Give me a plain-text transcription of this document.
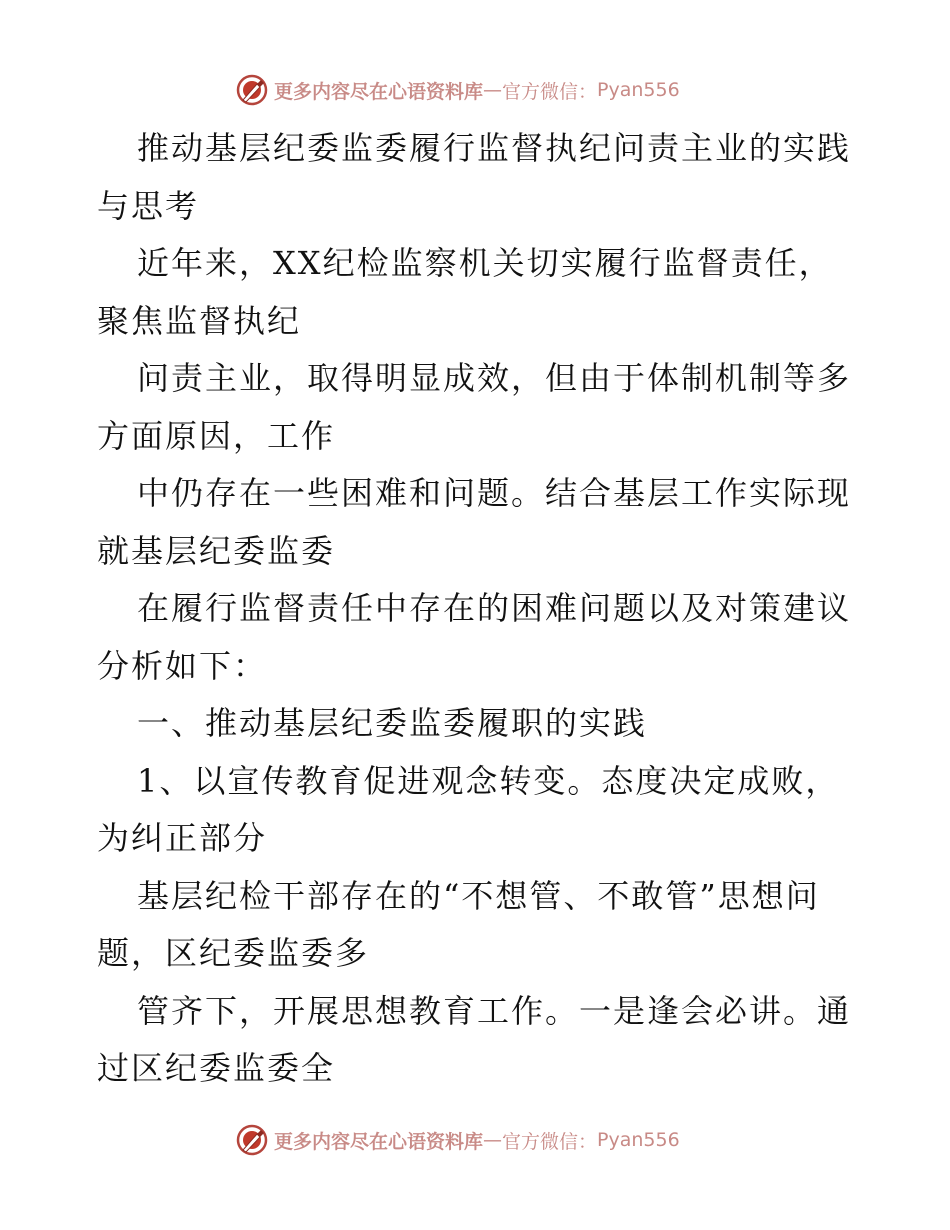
更多内容尽在心语资料库 — 官方微信： Pyan556

推动基层纪委监委履行监督执纪问责主业的实践
与思考

近年来，XX纪检监察机关切实履行监督责任，
聚焦监督执纪

问责主业，取得明显成效，但由于体制机制等多
方面原因，工作

中仍存在一些困难和问题。结合基层工作实际现
就基层纪委监委

在履行监督责任中存在的困难问题以及对策建议
分析如下：

一、推动基层纪委监委履职的实践

1、以宣传教育促进观念转变。态度决定成败，
为纠正部分

基层纪检干部存在的“不想管、不敢管”思想问
题，区纪委监委多

管齐下，开展思想教育工作。一是逢会必讲。通
过区纪委监委全

更多内容尽在心语资料库 — 官方微信： Pyan556
